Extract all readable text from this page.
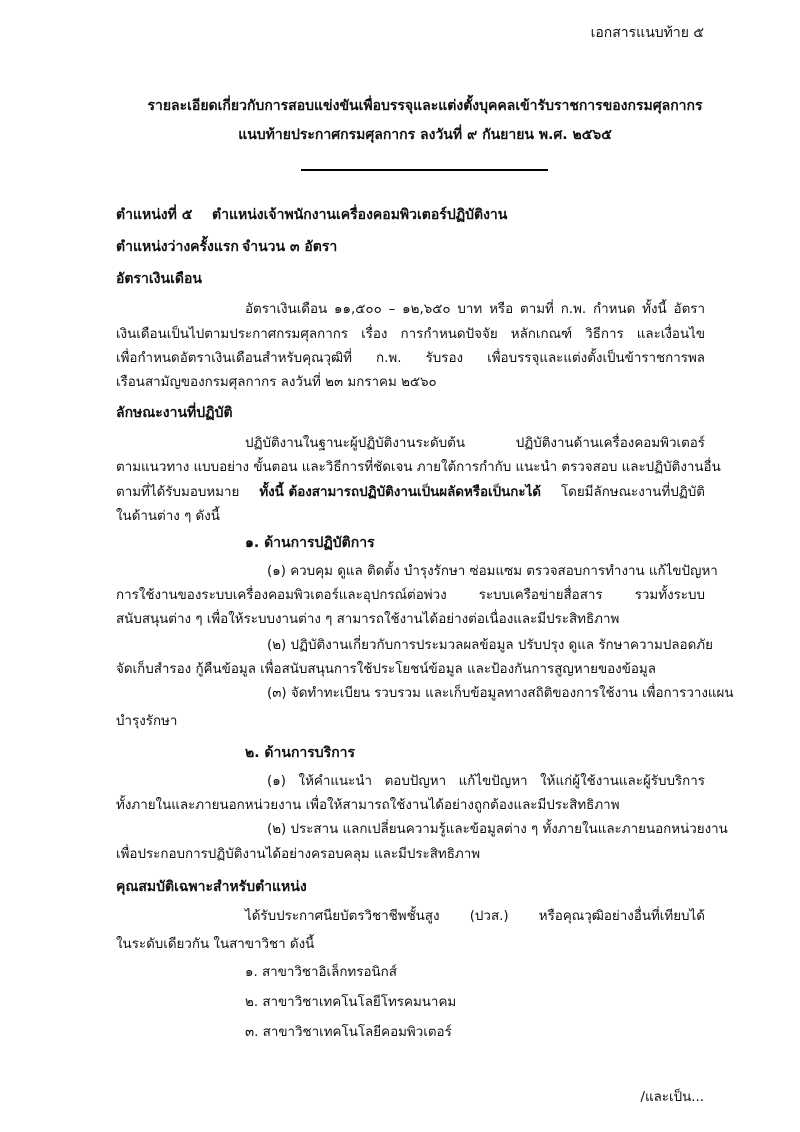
เอกสารแนบท้าย ๕
รายละเอียดเกี่ยวกับการสอบแข่งขันเพื่อบรรจุและแต่งตั้งบุคคลเข้ารับราชการของกรมศุลกากร
แนบท้ายประกาศกรมศุลกากร ลงวันที่ ๙ กันยายน พ.ศ. ๒๕๖๕
ตำแหน่งที่ ๕ ตำแหน่งเจ้าพนักงานเครื่องคอมพิวเตอร์ปฏิบัติงาน
ตำแหน่งว่างครั้งแรก จำนวน ๓ อัตรา
อัตราเงินเดือน
อัตราเงินเดือน ๑๑,๕๐๐ – ๑๒,๖๕๐ บาท หรือ ตามที่ ก.พ. กำหนด ทั้งนี้ อัตรา
เงินเดือนเป็นไปตามประกาศกรมศุลกากร เรื่อง การกำหนดปัจจัย หลักเกณฑ์ วิธีการ และเงื่อนไข
เพื่อกำหนดอัตราเงินเดือนสำหรับคุณวุฒิที่ ก.พ. รับรอง เพื่อบรรจุและแต่งตั้งเป็นข้าราชการพล
เรือนสามัญของกรมศุลกากร ลงวันที่ ๒๓ มกราคม ๒๕๖๐
ลักษณะงานที่ปฏิบัติ
ปฏิบัติงานในฐานะผู้ปฏิบัติงานระดับต้น ปฏิบัติงานด้านเครื่องคอมพิวเตอร์
ตามแนวทาง แบบอย่าง ขั้นตอน และวิธีการที่ชัดเจน ภายใต้การกำกับ แนะนำ ตรวจสอบ และปฏิบัติงานอื่น
ตามที่ได้รับมอบหมาย ทั้งนี้ ต้องสามารถปฏิบัติงานเป็นผลัดหรือเป็นกะได้ โดยมีลักษณะงานที่ปฏิบัติ
ในด้านต่าง ๆ ดังนี้
๑. ด้านการปฏิบัติการ
(๑) ควบคุม ดูแล ติดตั้ง บำรุงรักษา ซ่อมแซม ตรวจสอบการทำงาน แก้ไขปัญหา
การใช้งานของระบบเครื่องคอมพิวเตอร์และอุปกรณ์ต่อพ่วง ระบบเครือข่ายสื่อสาร รวมทั้งระบบ
สนับสนุนต่าง ๆ เพื่อให้ระบบงานต่าง ๆ สามารถใช้งานได้อย่างต่อเนื่องและมีประสิทธิภาพ
(๒) ปฏิบัติงานเกี่ยวกับการประมวลผลข้อมูล ปรับปรุง ดูแล รักษาความปลอดภัย
จัดเก็บสำรอง กู้คืนข้อมูล เพื่อสนับสนุนการใช้ประโยชน์ข้อมูล และป้องกันการสูญหายของข้อมูล
(๓) จัดทำทะเบียน รวบรวม และเก็บข้อมูลทางสถิติของการใช้งาน เพื่อการวางแผน
บำรุงรักษา
๒. ด้านการบริการ
(๑) ให้คำแนะนำ ตอบปัญหา แก้ไขปัญหา ให้แก่ผู้ใช้งานและผู้รับบริการ
ทั้งภายในและภายนอกหน่วยงาน เพื่อให้สามารถใช้งานได้อย่างถูกต้องและมีประสิทธิภาพ
(๒) ประสาน แลกเปลี่ยนความรู้และข้อมูลต่าง ๆ ทั้งภายในและภายนอกหน่วยงาน
เพื่อประกอบการปฏิบัติงานได้อย่างครอบคลุม และมีประสิทธิภาพ
คุณสมบัติเฉพาะสำหรับตำแหน่ง
ได้รับประกาศนียบัตรวิชาชีพชั้นสูง (ปวส.) หรือคุณวุฒิอย่างอื่นที่เทียบได้
ในระดับเดียวกัน ในสาขาวิชา ดังนี้
๑. สาขาวิชาอิเล็กทรอนิกส์
๒. สาขาวิชาเทคโนโลยีโทรคมนาคม
๓. สาขาวิชาเทคโนโลยีคอมพิวเตอร์
/และเป็น...
